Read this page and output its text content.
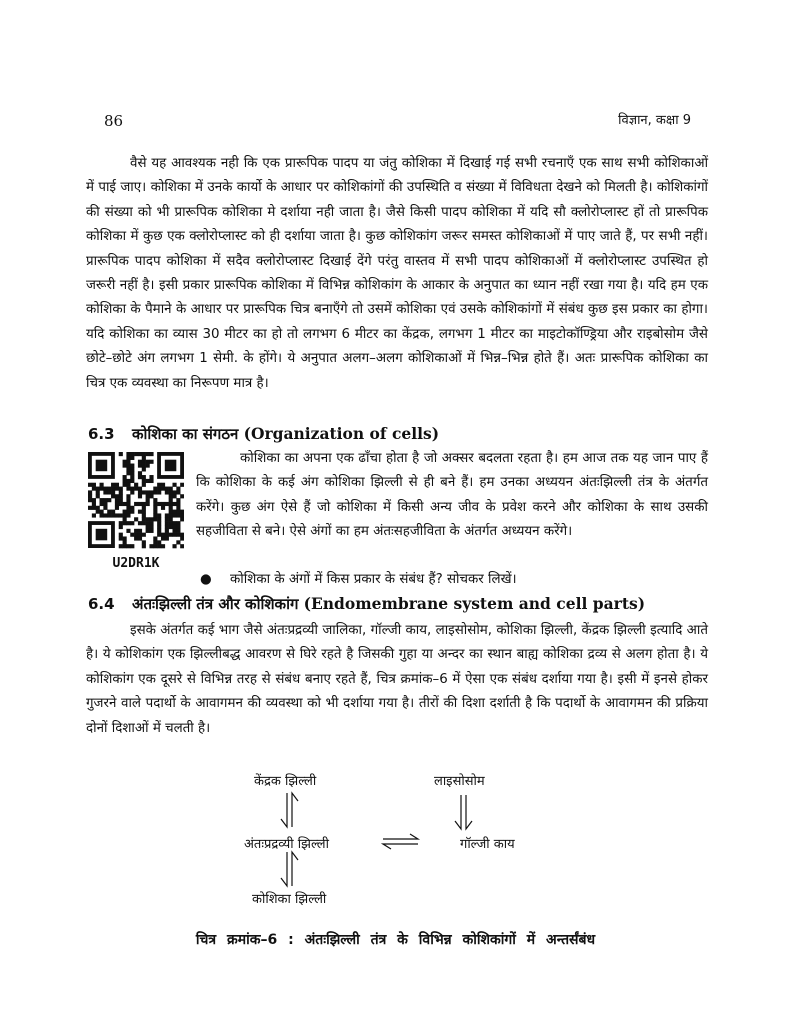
86	विज्ञान, कक्षा 9

वैसे यह आवश्यक नही कि एक प्रारूपिक पादप या जंतु कोशिका में दिखाई गई सभी रचनाएँ एक साथ सभी कोशिकाओं में पाई जाए। कोशिका में उनके कार्यो के आधार पर कोशिकांगों की उपस्थिति व संख्या में विविधता देखने को मिलती है। कोशिकांगों की संख्या को भी प्रारूपिक कोशिका मे दर्शाया नही जाता है। जैसे किसी पादप कोशिका में यदि सौ क्लोरोप्लास्ट हों तो प्रारूपिक कोशिका में कुछ एक क्लोरोप्लास्ट को ही दर्शाया जाता है। कुछ कोशिकांग जरूर समस्त कोशिकाओं में पाए जाते हैं, पर सभी नहीं। प्रारूपिक पादप कोशिका में सदैव क्लोरोप्लास्ट दिखाई देंगे परंतु वास्तव में सभी पादप कोशिकाओं में क्लोरोप्लास्ट उपस्थित हो जरूरी नहीं है। इसी प्रकार प्रारूपिक कोशिका में विभिन्न कोशिकांग के आकार के अनुपात का ध्यान नहीं रखा गया है। यदि हम एक कोशिका के पैमाने के आधार पर प्रारूपिक चित्र बनाएँगे तो उसमें कोशिका एवं उसके कोशिकांगों में संबंध कुछ इस प्रकार का होगा। यदि कोशिका का व्यास 30 मीटर का हो तो लगभग 6 मीटर का केंद्रक, लगभग 1 मीटर का माइटोकॉण्ड्रिया और राइबोसोम जैसे छोटे–छोटे अंग लगभग 1 सेमी. के होंगे। ये अनुपात अलग–अलग कोशिकाओं में भिन्न–भिन्न होते हैं। अतः प्रारूपिक कोशिका का चित्र एक व्यवस्था का निरूपण मात्र है।

6.3 कोशिका का संगठन (Organization of cells)
U2DR1K

कोशिका का अपना एक ढाँचा होता है जो अक्सर बदलता रहता है। हम आज तक यह जान पाए हैं कि कोशिका के कई अंग कोशिका झिल्ली से ही बने हैं। हम उनका अध्ययन अंतःझिल्ली तंत्र के अंतर्गत करेंगे। कुछ अंग ऐसे हैं जो कोशिका में किसी अन्य जीव के प्रवेश करने और कोशिका के साथ उसकी सहजीविता से बने। ऐसे अंगों का हम अंतःसहजीविता के अंतर्गत अध्ययन करेंगे।

● कोशिका के अंगों में किस प्रकार के संबंध हैं? सोचकर लिखें।
6.4 अंतःझिल्ली तंत्र और कोशिकांग (Endomembrane system and cell parts)

इसके अंतर्गत कई भाग जैसे अंतःप्रद्रव्यी जालिका, गॉल्जी काय, लाइसोसोम, कोशिका झिल्ली, केंद्रक झिल्ली इत्यादि आते है। ये कोशिकांग एक झिल्लीबद्ध आवरण से घिरे रहते है जिसकी गुहा या अन्दर का स्थान बाह्य कोशिका द्रव्य से अलग होता है। ये कोशिकांग एक दूसरे से विभिन्न तरह से संबंध बनाए रहते हैं, चित्र क्रमांक–6 में ऐसा एक संबंध दर्शाया गया है। इसी में इनसे होकर गुजरने वाले पदार्थो के आवागमन की व्यवस्था को भी दर्शाया गया है। तीरों की दिशा दर्शाती है कि पदार्थो के आवागमन की प्रक्रिया दोनों दिशाओं में चलती है।

केंद्रक झिल्ली	लाइसोसोम
अंतःप्रद्रव्यी झिल्ली	गॉल्जी काय
कोशिका झिल्ली
चित्र क्रमांक–6 : अंतःझिल्ली तंत्र के विभिन्न कोशिकांगों में अन्तर्संबंध
